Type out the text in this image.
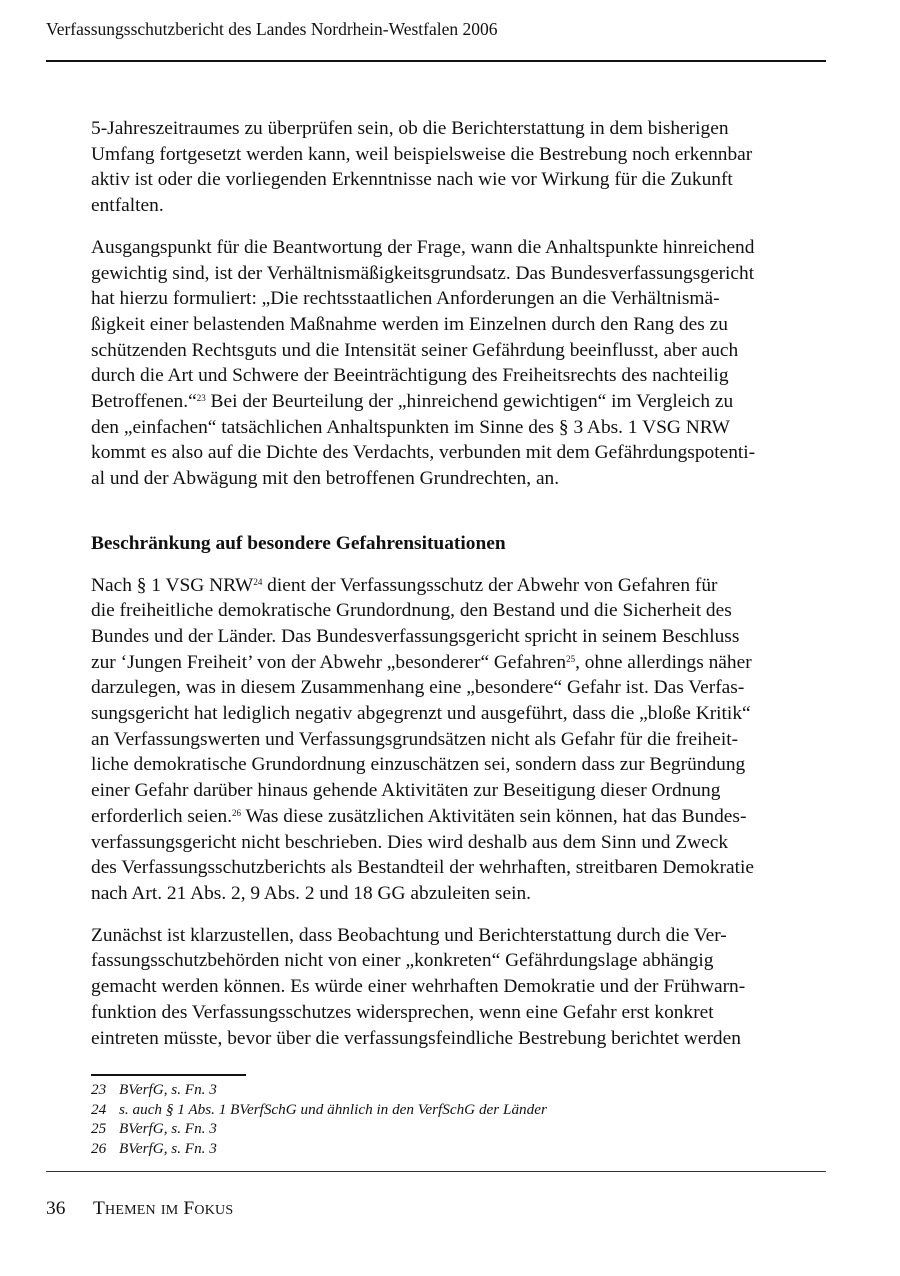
Verfassungsschutzbericht des Landes Nordrhein-Westfalen 2006

5-Jahreszeitraumes zu überprüfen sein, ob die Berichterstattung in dem bisherigen
Umfang fortgesetzt werden kann, weil beispielsweise die Bestrebung noch erkennbar
aktiv ist oder die vorliegenden Erkenntnisse nach wie vor Wirkung für die Zukunft
entfalten.

Ausgangspunkt für die Beantwortung der Frage, wann die Anhaltspunkte hinreichend
gewichtig sind, ist der Verhältnismäßigkeitsgrundsatz. Das Bundesverfassungsgericht
hat hierzu formuliert: „Die rechtsstaatlichen Anforderungen an die Verhältnismä-
ßigkeit einer belastenden Maßnahme werden im Einzelnen durch den Rang des zu
schützenden Rechtsguts und die Intensität seiner Gefährdung beeinflusst, aber auch
durch die Art und Schwere der Beeinträchtigung des Freiheitsrechts des nachteilig
Betroffenen.“$^{23}$ Bei der Beurteilung der „hinreichend gewichtigen“ im Vergleich zu
den „einfachen“ tatsächlichen Anhaltspunkten im Sinne des § 3 Abs. 1 VSG NRW
kommt es also auf die Dichte des Verdachts, verbunden mit dem Gefährdungspotenti-
al und der Abwägung mit den betroffenen Grundrechten, an.

Beschränkung auf besondere Gefahrensituationen

Nach § 1 VSG NRW$^{24}$ dient der Verfassungsschutz der Abwehr von Gefahren für
die freiheitliche demokratische Grundordnung, den Bestand und die Sicherheit des
Bundes und der Länder. Das Bundesverfassungsgericht spricht in seinem Beschluss
zur ‘Jungen Freiheit’ von der Abwehr „besonderer“ Gefahren$^{25}$, ohne allerdings näher
darzulegen, was in diesem Zusammenhang eine „besondere“ Gefahr ist. Das Verfas-
sungsgericht hat lediglich negativ abgegrenzt und ausgeführt, dass die „bloße Kritik“
an Verfassungswerten und Verfassungsgrundsätzen nicht als Gefahr für die freiheit-
liche demokratische Grundordnung einzuschätzen sei, sondern dass zur Begründung
einer Gefahr darüber hinaus gehende Aktivitäten zur Beseitigung dieser Ordnung
erforderlich seien.$^{26}$ Was diese zusätzlichen Aktivitäten sein können, hat das Bundes-
verfassungsgericht nicht beschrieben. Dies wird deshalb aus dem Sinn und Zweck
des Verfassungsschutzberichts als Bestandteil der wehrhaften, streitbaren Demokratie
nach Art. 21 Abs. 2, 9 Abs. 2 und 18 GG abzuleiten sein.

Zunächst ist klarzustellen, dass Beobachtung und Berichterstattung durch die Ver-
fassungsschutzbehörden nicht von einer „konkreten“ Gefährdungslage abhängig
gemacht werden können. Es würde einer wehrhaften Demokratie und der Frühwarn-
funktion des Verfassungsschutzes widersprechen, wenn eine Gefahr erst konkret
eintreten müsste, bevor über die verfassungsfeindliche Bestrebung berichtet werden

23 BVerfG, s. Fn. 3
24 s. auch § 1 Abs. 1 BVerfSchG und ähnlich in den VerfSchG der Länder
25 BVerfG, s. Fn. 3
26 BVerfG, s. Fn. 3
36 Themen im Fokus
